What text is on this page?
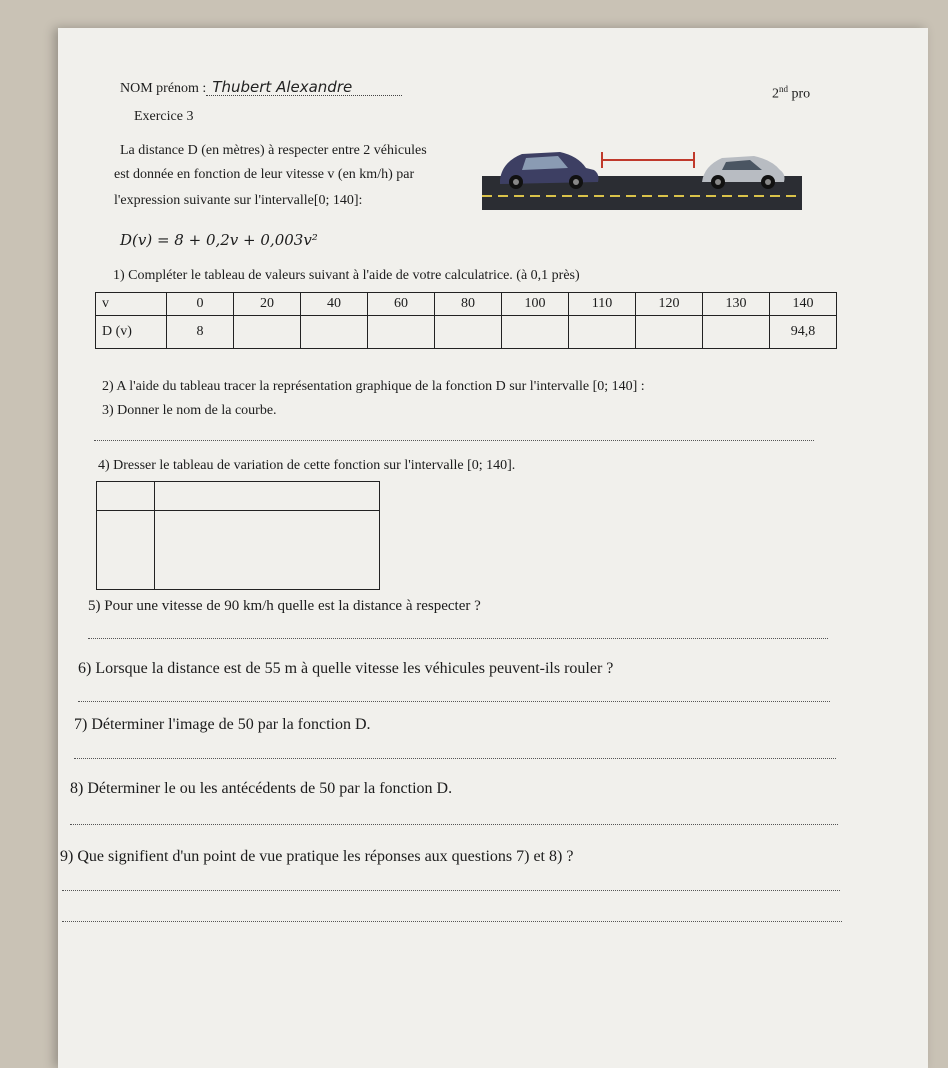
NOM prénom : Thubert Alexandre	2nd pro
Exercice 3
La distance D (en mètres) à respecter entre 2 véhicules
est donnée en fonction de leur vitesse v (en km/h) par
l'expression suivante sur l'intervalle[0; 140]:
D(v) = 8 + 0,2v + 0,003v²
1) Compléter le tableau de valeurs suivant à l'aide de votre calculatrice. (à 0,1 près)
v	0	20	40	60	80	100	110	120	130	140
D (v)	8									94,8
2) A l'aide du tableau tracer la représentation graphique de la fonction D sur l'intervalle [0; 140] :
3) Donner le nom de la courbe.
4) Dresser le tableau de variation de cette fonction sur l'intervalle [0; 140].
5) Pour une vitesse de 90 km/h quelle est la distance à respecter ?
6) Lorsque la distance est de 55 m à quelle vitesse les véhicules peuvent-ils rouler ?
7) Déterminer l'image de 50 par la fonction D.
8) Déterminer le ou les antécédents de 50 par la fonction D.
9) Que signifient d'un point de vue pratique les réponses aux questions 7) et 8) ?
